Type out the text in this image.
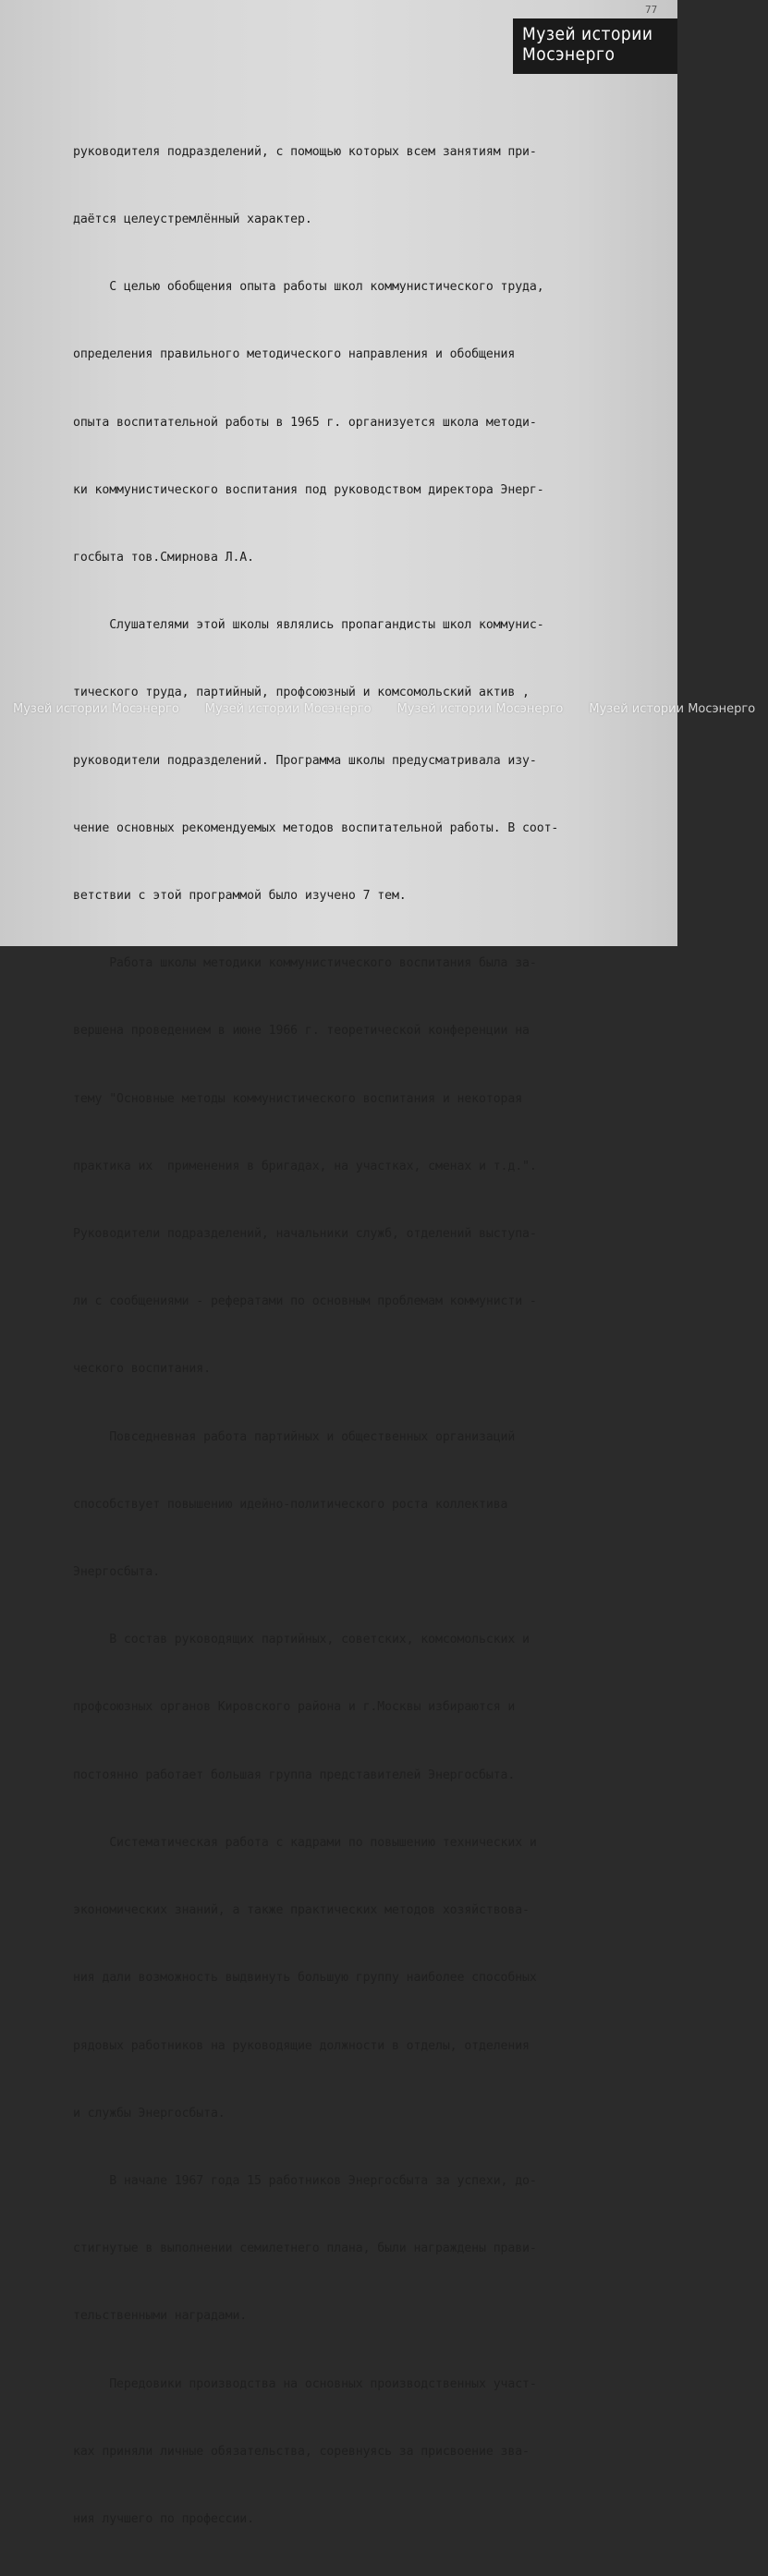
77
Музей истории
Мосэнерго

руководителя подразделений, с помощью которых всем занятиям при-

даётся целеустремлённый характер.

С целью обобщения опыта работы школ коммунистического труда,

определения правильного методического направления и обобщения

опыта воспитательной работы в 1965 г. организуется школа методи-

ки коммунистического воспитания под руководством директора Энерг-

госбыта тов.Смирнова Л.А.

Слушателями этой школы являлись пропагандисты школ коммунис-

тического труда, партийный, профсоюзный и комсомольский актив ,

руководители подразделений. Программа школы предусматривала изу-

чение основных рекомендуемых методов воспитательной работы. В соот-

ветствии с этой программой было изучено 7 тем.

Работа школы методики коммунистического воспитания была за-

вершена проведением в июне 1966 г. теоретической конференции на

тему "Основные методы коммунистического воспитания и некоторая

практика их  применения в бригадах, на участках, сменах и т.д.".

Руководители подразделений, начальники служб, отделений выступа-

ли с сообщениями - рефератами по основным проблемам коммунисти -

ческого воспитания.

Повседневная работа партийных и общественных организаций

способствует повышению идейно-политического роста коллектива

Энергосбыта.

В состав руководящих партийных, советских, комсомольских и

профсоюзных органов Кировского района и г.Москвы избираются и

постоянно работает большая группа представителей Энергосбыта.

Систематическая работа с кадрами по повышению технических и

экономических знаний, а также практических методов хозяйствова-

ния дали возможность выдвинуть большую группу наиболее способных

рядовых работников на руководящие должности в отделы, отделения

и службы Энергосбыта.

В начале 1967 года 15 работников Энергосбыта за успехи, до-

стигнутые в выполнении семилетнего плана, были награждены прави-

тельственными наградами.

Передовики производства на основных производственных участ-

ках приняли личные обязательства, соревнуясь за присвоение зва-

ния лучшего по профессии.

Музей истории Мосэнерго	Музей истории Мосэнерго	Музей истории Мосэнерго	Музей истории Мосэнерго
